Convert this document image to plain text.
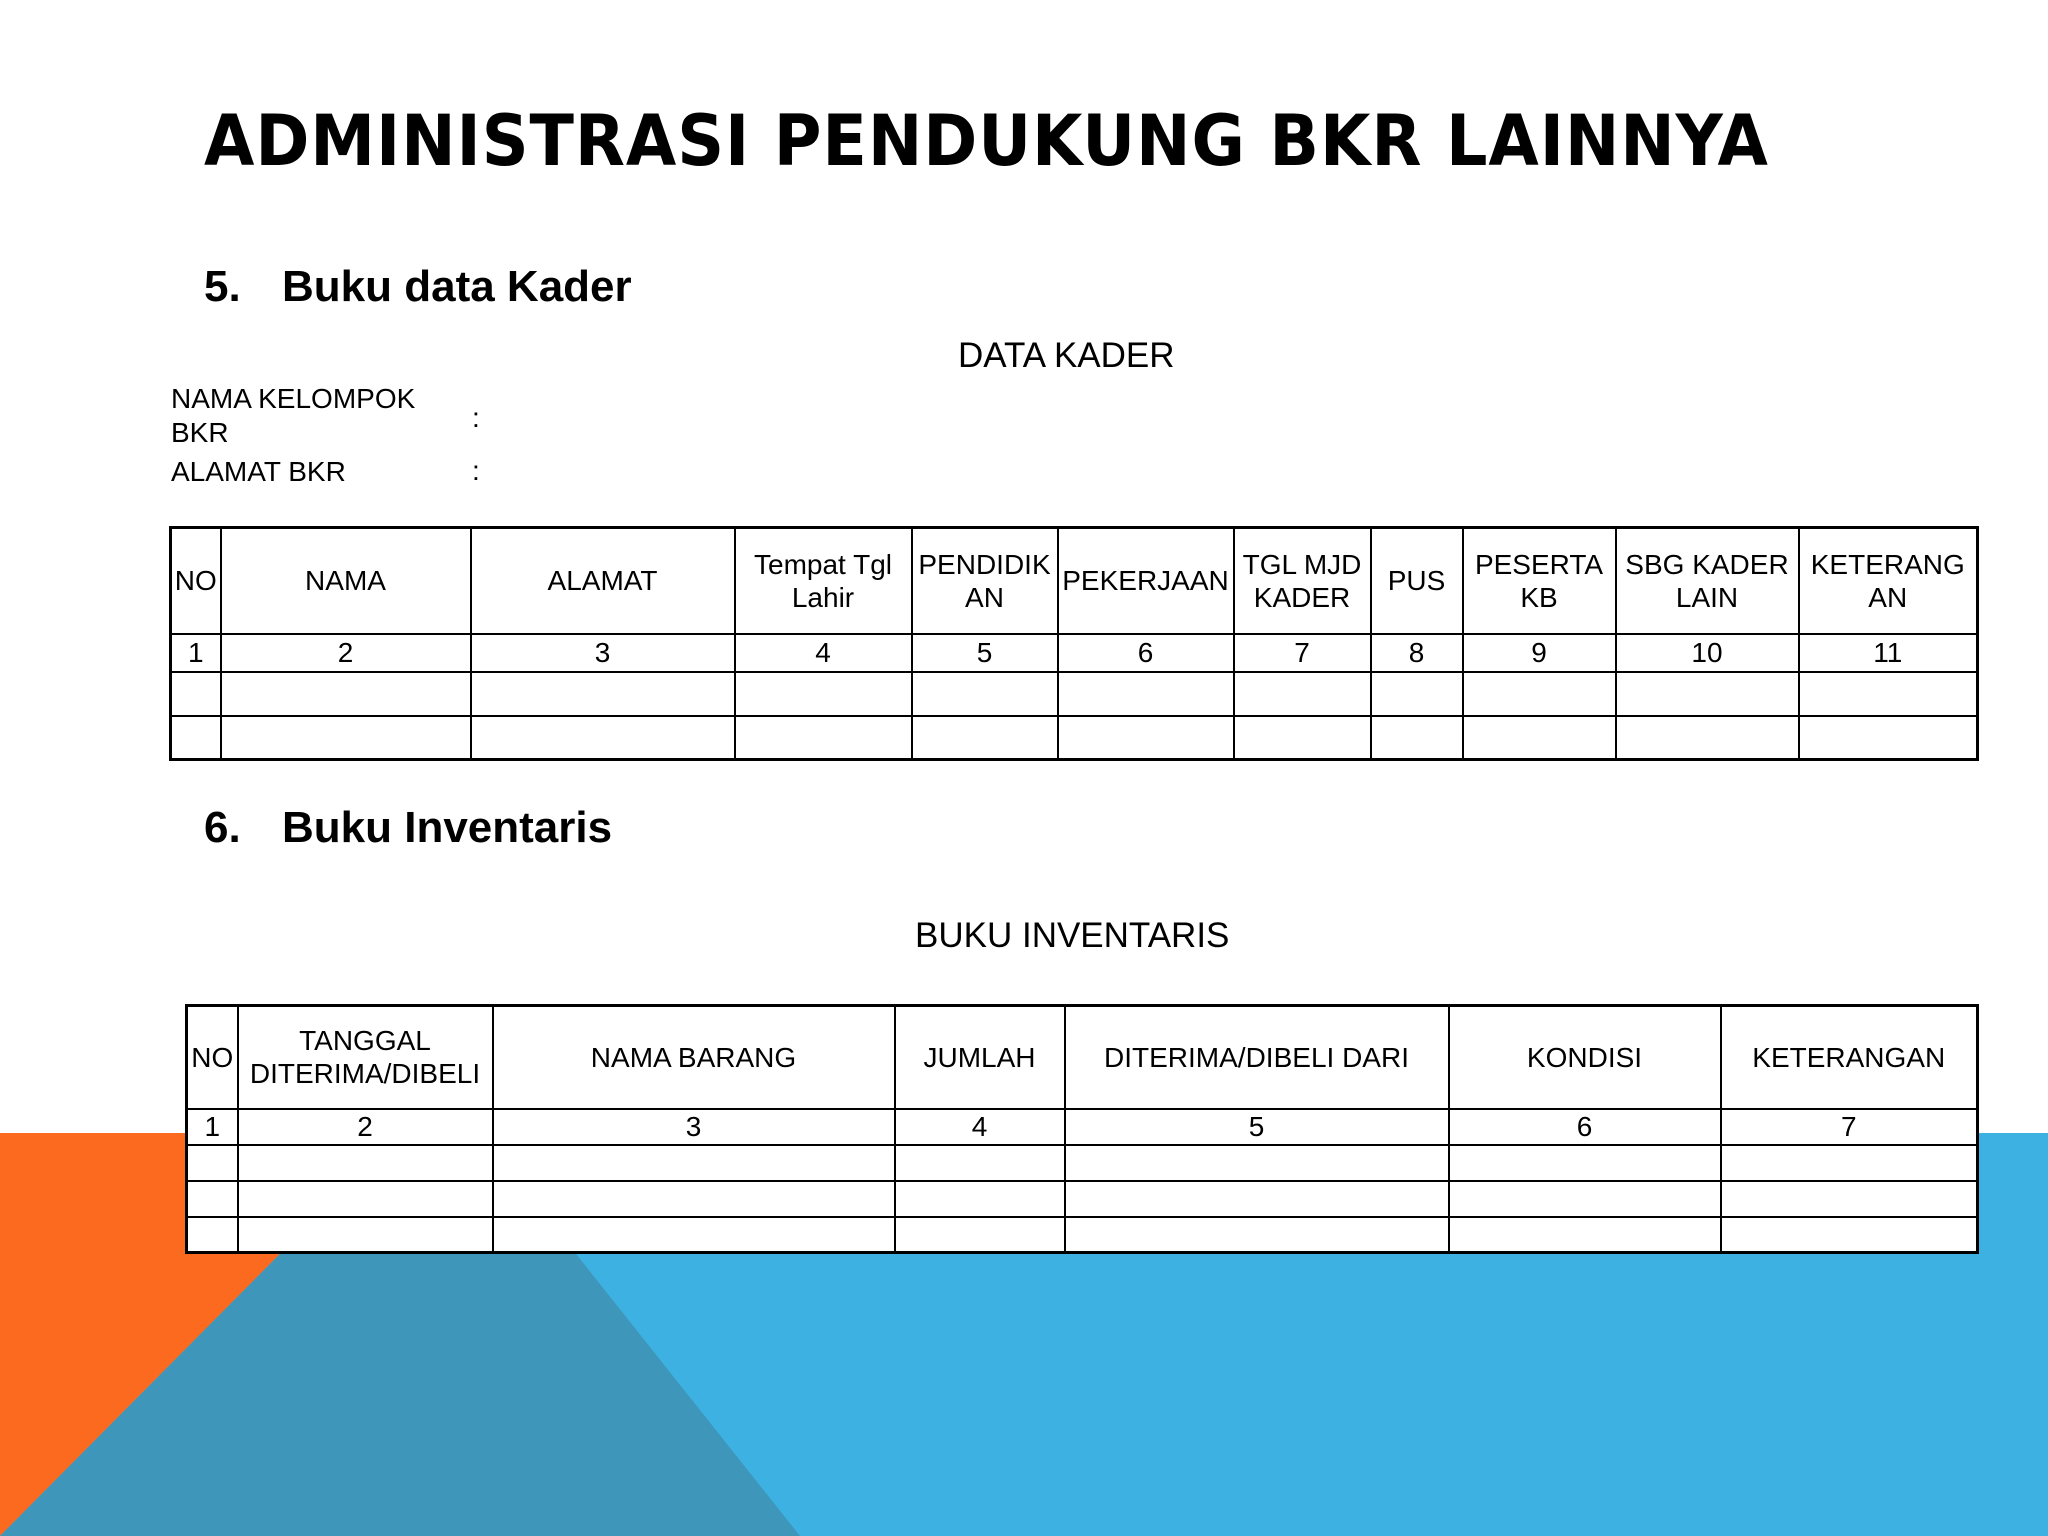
ADMINISTRASI PENDUKUNG BKR LAINNYA
5. Buku data Kader
DATA KADER
NAMA KELOMPOK BKR	:
ALAMAT BKR	:
NO	NAMA	ALAMAT	Tempat Tgl Lahir	PENDIDIK AN	PEKERJAAN	TGL MJD KADER	PUS	PESERTA KB	SBG KADER LAIN	KETERANG AN
1	2	3	4	5	6	7	8	9	10	11

6. Buku Inventaris
BUKU INVENTARIS
NO	TANGGAL DITERIMA/DIBELI	NAMA BARANG	JUMLAH	DITERIMA/DIBELI DARI	KONDISI	KETERANGAN
1	2	3	4	5	6	7
